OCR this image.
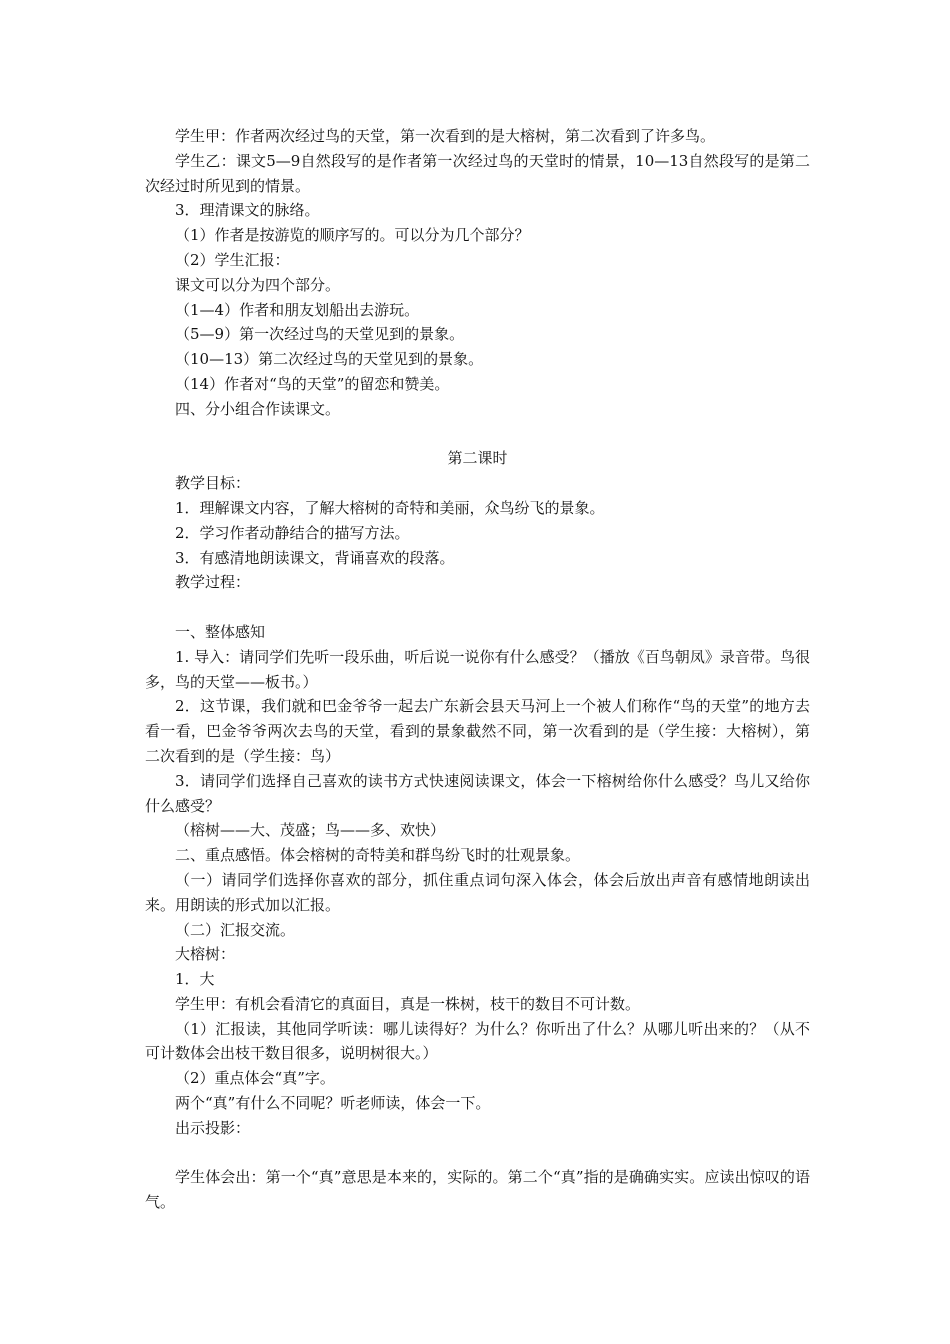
学生甲：作者两次经过鸟的天堂，第一次看到的是大榕树，第二次看到了许多鸟。

学生乙：课文5—9自然段写的是作者第一次经过鸟的天堂时的情景，10—13自然段写的是第二次经过时所见到的情景。

3．理清课文的脉络。

（1）作者是按游览的顺序写的。可以分为几个部分？

（2）学生汇报：

课文可以分为四个部分。

（1—4）作者和朋友划船出去游玩。

（5—9）第一次经过鸟的天堂见到的景象。

（10—13）第二次经过鸟的天堂见到的景象。

（14）作者对“鸟的天堂”的留恋和赞美。

四、分小组合作读课文。

第二课时

教学目标：

1．理解课文内容，了解大榕树的奇特和美丽，众鸟纷飞的景象。

2．学习作者动静结合的描写方法。

3．有感清地朗读课文，背诵喜欢的段落。

教学过程：

一、整体感知

1. 导入：请同学们先听一段乐曲，听后说一说你有什么感受？（播放《百鸟朝凤》录音带。鸟很多，鸟的天堂——板书。）

2．这节课，我们就和巴金爷爷一起去广东新会县天马河上一个被人们称作“鸟的天堂”的地方去看一看，巴金爷爷两次去鸟的天堂，看到的景象截然不同，第一次看到的是（学生接：大榕树），第二次看到的是（学生接：鸟）

3．请同学们选择自己喜欢的读书方式快速阅读课文，体会一下榕树给你什么感受？鸟儿又给你什么感受？

（榕树——大、茂盛；鸟——多、欢快）

二、重点感悟。体会榕树的奇特美和群鸟纷飞时的壮观景象。

（一）请同学们选择你喜欢的部分，抓住重点词句深入体会，体会后放出声音有感情地朗读出来。用朗读的形式加以汇报。

（二）汇报交流。

大榕树：

1．大

学生甲：有机会看清它的真面目，真是一株树，枝干的数目不可计数。

（1）汇报读，其他同学听读：哪儿读得好？为什么？你听出了什么？从哪儿听出来的？（从不可计数体会出枝干数目很多，说明树很大。）

（2）重点体会“真”字。

两个“真”有什么不同呢？听老师读，体会一下。

出示投影：

学生体会出：第一个“真”意思是本来的，实际的。第二个“真”指的是确确实实。应读出惊叹的语气。
